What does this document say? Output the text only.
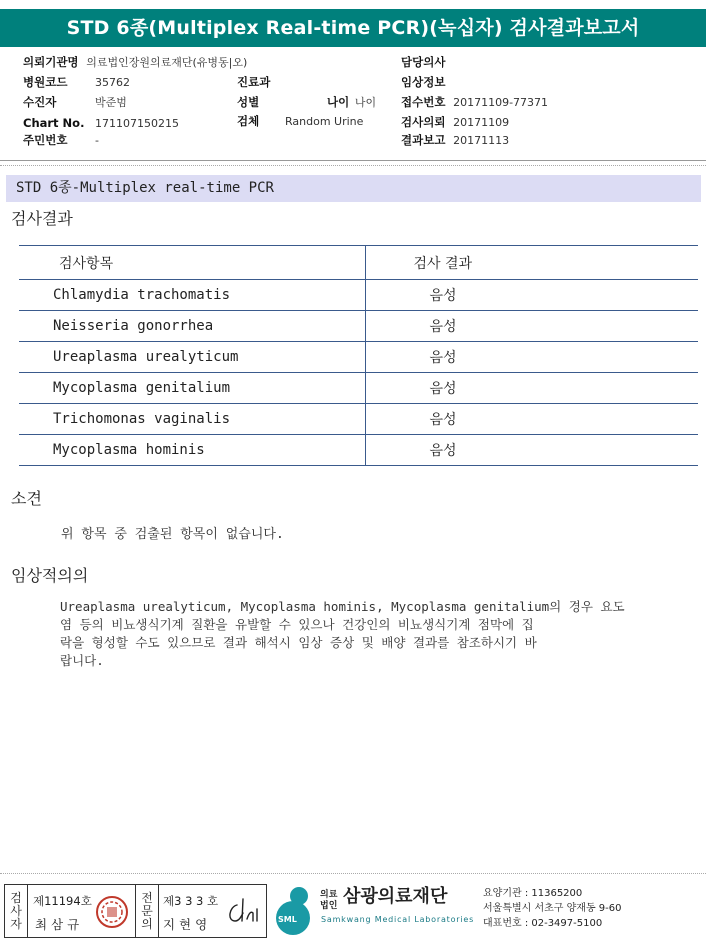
STD 6종(Multiplex Real-time PCR)(녹십자) 검사결과보고서
의뢰기관명 의료법인장원의료재단(유병동|오)
병원코드	35762
수진자	박준범
Chart No. 171107150215
주민번호	-
진료과
성별	나이 나이
검체 Random Urine
담당의사
임상정보
접수번호 20171109-77371
검사의뢰 20171109
결과보고 20171113
STD 6종-Multiplex real-time PCR
검사결과
검사항목	검사 결과
Chlamydia trachomatis	음성
Neisseria gonorrhea	음성
Ureaplasma urealyticum	음성
Mycoplasma genitalium	음성
Trichomonas vaginalis	음성
Mycoplasma hominis	음성
소견
위 항목 중 검출된 항목이 없습니다.
임상적의의
Ureaplasma urealyticum, Mycoplasma hominis, Mycoplasma genitalium의 경우 요도
염 등의 비뇨생식기계 질환을 유발할 수 있으나 건강인의 비뇨생식기계 점막에 집
락을 형성할 수도 있으므로 결과 해석시 임상 증상 및 배양 결과를 참조하시기 바
랍니다.
검
사
자
제11194호
최 삼 규
전
문
의
제3 3 3 호
지 현 영	SML
의료
법인 삼광의료재단
Samkwang Medical Laboratories
요양기관 : 11365200
서울특별시 서초구 양재동 9-60
대표번호 : 02-3497-5100
